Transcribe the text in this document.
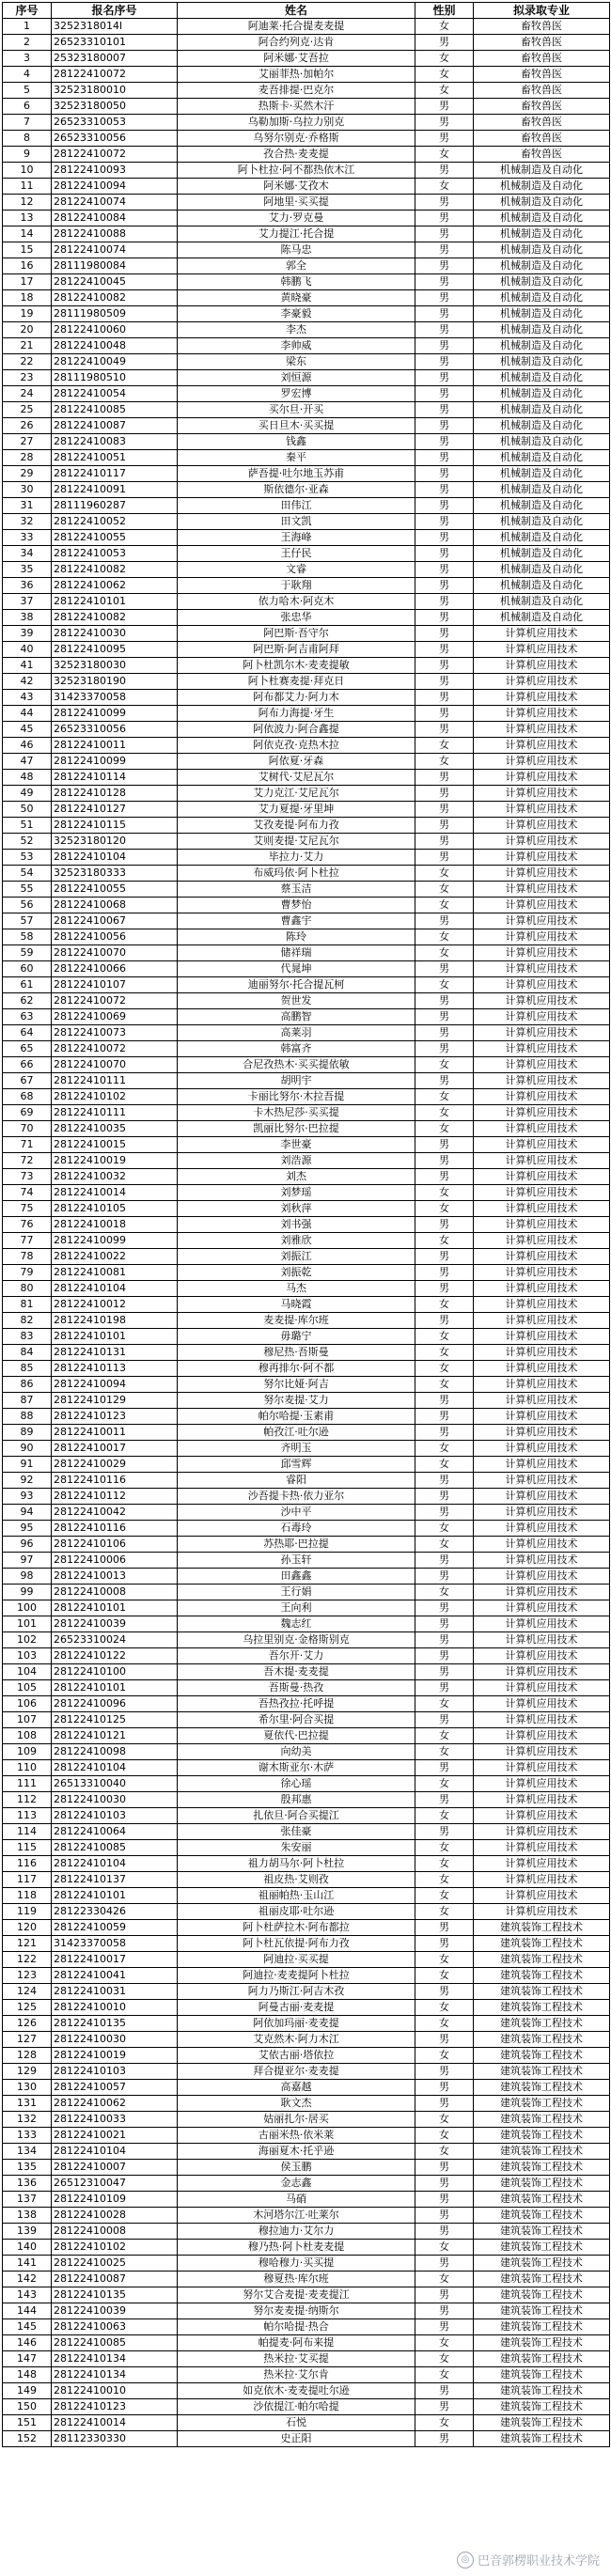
序号	报名序号	姓名	性别	拟录取专业
1	3252318014l	阿迪莱·托合提麦麦提	女	畜牧兽医
2	26523310101	阿合约列克·达肯	男	畜牧兽医
3	25323180007	阿米娜·艾吾拉	女	畜牧兽医
4	28122410072	艾丽菲热·加帕尔	女	畜牧兽医
5	32523180010	麦吾排提·巴克尔	女	畜牧兽医
6	32523180050	热斯卡·买然木汗	男	畜牧兽医
7	26523310053	乌勒加斯·乌拉力别克	男	畜牧兽医
8	26523310056	乌努尔别克·乔格斯	男	畜牧兽医
9	28122410072	孜合热·麦麦提	女	畜牧兽医
10	28122410093	阿卜杜拉·阿不都热依木江	男	机械制造及自动化
11	28122410094	阿米娜·艾孜木	女	机械制造及自动化
12	28122410074	阿地里·买买提	男	机械制造及自动化
13	28122410084	艾力·罗克曼	男	机械制造及自动化
14	28122410088	艾力提江·托合提	男	机械制造及自动化
15	28122410074	陈马忠	男	机械制造及自动化
16	28111980084	郭全	男	机械制造及自动化
17	28122410045	韩鹏飞	男	机械制造及自动化
18	28122410082	黄晓豪	男	机械制造及自动化
19	28111980509	李豪毅	男	机械制造及自动化
20	28122410060	李杰	男	机械制造及自动化
21	28122410048	李帅威	男	机械制造及自动化
22	28122410049	梁东	男	机械制造及自动化
23	28111980510	刘恒源	男	机械制造及自动化
24	28122410054	罗宏博	男	机械制造及自动化
25	28122410085	买尔旦·开买	男	机械制造及自动化
26	28122410087	买日旦木·买买提	男	机械制造及自动化
27	28122410083	钱鑫	男	机械制造及自动化
28	28122410051	秦平	男	机械制造及自动化
29	28122410117	萨吾提·吐尔地玉苏甫	男	机械制造及自动化
30	28122410091	斯依德尔·亚森	男	机械制造及自动化
31	28111960287	田伟江	男	机械制造及自动化
32	28122410052	田文凯	男	机械制造及自动化
33	28122410055	王海峰	男	机械制造及自动化
34	28122410053	王仔民	男	机械制造及自动化
35	28122410082	文睿	男	机械制造及自动化
36	28122410062	于耿翔	男	机械制造及自动化
37	28122410101	依力哈木·阿克木	男	机械制造及自动化
38	28122410082	张忠华	男	机械制造及自动化
39	28122410030	阿巴斯·吾守尔	男	计算机应用技术
40	28122410095	阿巴斯·阿吉甫阿拜	男	计算机应用技术
41	32523180030	阿卜杜凯尔木·麦麦提敏	男	计算机应用技术
42	32523180190	阿卜杜赛麦提·拜克日	男	计算机应用技术
43	31423370058	阿布都艾力·阿力木	男	计算机应用技术
44	28122410099	阿布力海提·牙生	男	计算机应用技术
45	26523310056	阿依波力·阿合鑫提	男	计算机应用技术
46	28122410011	阿依克孜·克热木拉	女	计算机应用技术
47	28122410099	阿依夏·牙森	女	计算机应用技术
48	28122410114	艾树代·艾尼瓦尔	男	计算机应用技术
49	28122410128	艾力克江·艾尼瓦尔	男	计算机应用技术
50	28122410127	艾力夏提·牙里坤	男	计算机应用技术
51	28122410115	艾孜麦提·阿布力孜	男	计算机应用技术
52	32523180120	艾则麦提·艾尼瓦尔	男	计算机应用技术
53	28122410104	毕拉力·艾力	男	计算机应用技术
54	32523180333	布威玛依·阿卜杜拉	女	计算机应用技术
55	28122410055	蔡玉洁	女	计算机应用技术
56	28122410068	曹梦怡	女	计算机应用技术
57	28122410067	曹鑫宇	男	计算机应用技术
58	28122410056	陈玲	女	计算机应用技术
59	28122410070	储祥瑞	女	计算机应用技术
60	28122410066	代晁坤	男	计算机应用技术
61	28122410107	迪丽努尔·托合提瓦柯	女	计算机应用技术
62	28122410072	贺世发	男	计算机应用技术
63	28122410069	高鹏智	男	计算机应用技术
64	28122410073	高莱羽	男	计算机应用技术
65	28122410072	韩富齐	男	计算机应用技术
66	28122410070	合尼孜热木·买买提依敏	女	计算机应用技术
67	28122410111	胡明宇	男	计算机应用技术
68	28122410102	卡丽比努尔·木拉吾提	女	计算机应用技术
69	28122410111	卡木热尼莎·买买提	女	计算机应用技术
70	28122410035	凯丽比努尔·巴拉提	女	计算机应用技术
71	28122410015	李世豪	男	计算机应用技术
72	28122410019	刘浩源	男	计算机应用技术
73	28122410032	刘杰	男	计算机应用技术
74	28122410014	刘梦瑶	女	计算机应用技术
75	28122410105	刘秋萍	女	计算机应用技术
76	28122410018	刘书强	男	计算机应用技术
77	28122410099	刘雅欣	女	计算机应用技术
78	28122410022	刘振江	男	计算机应用技术
79	28122410081	刘振乾	男	计算机应用技术
80	28122410104	马杰	男	计算机应用技术
81	28122410012	马晓霞	女	计算机应用技术
82	28122410198	麦麦提·库尔班	男	计算机应用技术
83	28122410101	毋璐宁	女	计算机应用技术
84	28122410131	穆尼热·吾斯曼	女	计算机应用技术
85	28122410113	穆再排尔·阿不都	女	计算机应用技术
86	28122410094	努尔比娅·阿吉	女	计算机应用技术
87	28122410129	努尔麦提·艾力	男	计算机应用技术
88	28122410123	帕尔哈提·玉素甫	男	计算机应用技术
89	28122410011	帕孜江·吐尔逊	男	计算机应用技术
90	28122410017	齐明玉	女	计算机应用技术
91	28122410029	邱雪辉	女	计算机应用技术
92	28122410116	睿阳	男	计算机应用技术
93	28122410112	沙吾提卡热·依力亚尔	男	计算机应用技术
94	28122410042	沙中平	男	计算机应用技术
95	28122410116	石毒玲	女	计算机应用技术
96	28122410106	苏热耶·巴拉提	女	计算机应用技术
97	28122410006	孙玉轩	男	计算机应用技术
98	28122410013	田鑫鑫	男	计算机应用技术
99	28122410008	王行娟	女	计算机应用技术
100	28122410101	王向利	男	计算机应用技术
101	28122410039	魏志红	男	计算机应用技术
102	26523310024	乌拉里别克·金格斯别克	男	计算机应用技术
103	28122410122	吾尔开·艾力	男	计算机应用技术
104	28122410100	吾木提·麦麦提	男	计算机应用技术
105	28122410101	吾斯曼·热孜	男	计算机应用技术
106	28122410096	吾热孜拉·托呼提	女	计算机应用技术
107	28122410125	希尔里·阿合买提	男	计算机应用技术
108	28122410121	夏依代·巴拉提	女	计算机应用技术
109	28122410098	向幼美	女	计算机应用技术
110	28122410104	谢木斯亚尔·木萨	男	计算机应用技术
111	26513310040	徐心瑶	女	计算机应用技术
112	28122410030	殷邦惠	男	计算机应用技术
113	28122410103	扎依旦·阿合买提江	女	计算机应用技术
114	28122410064	张佳豪	男	计算机应用技术
115	28122410085	朱安丽	女	计算机应用技术
116	28122410104	祖力胡马尔·阿卜杜拉	女	计算机应用技术
117	28122410137	祖皮热·艾则孜	女	计算机应用技术
118	28122410101	祖丽帕热·玉山江	女	计算机应用技术
119	28122330426	祖丽皮耶·吐尔逊	女	计算机应用技术
120	28122410059	阿卜杜萨拉木·阿布都拉	男	建筑装饰工程技术
121	31423370058	阿卜杜瓦依提·阿布力孜	男	建筑装饰工程技术
122	28122410017	阿迪拉·买买提	女	建筑装饰工程技术
123	28122410041	阿迪拉·麦麦提阿卜杜拉	女	建筑装饰工程技术
124	28122410031	阿力乃斯江·阿吉木孜	男	建筑装饰工程技术
125	28122410010	阿曼古丽·麦麦提	女	建筑装饰工程技术
126	28122410135	阿依加玛丽·麦麦提	女	建筑装饰工程技术
127	28122410030	艾克然木·阿力木江	男	建筑装饰工程技术
128	28122410019	艾依古丽·塔依拉	女	建筑装饰工程技术
129	28122410103	拜合提亚尔·麦麦提	男	建筑装饰工程技术
130	28122410057	高嘉越	男	建筑装饰工程技术
131	28122410062	耿文杰	男	建筑装饰工程技术
132	28122410033	姑丽扎尔·居买	女	建筑装饰工程技术
133	28122410021	古丽米热·依米莱	女	建筑装饰工程技术
134	28122410104	海丽夏木·托乎逊	女	建筑装饰工程技术
135	28122410007	侯玉鹏	男	建筑装饰工程技术
136	26512310047	金志鑫	男	建筑装饰工程技术
137	28122410109	马硝	男	建筑装饰工程技术
138	28122410028	木河塔尔江·吐莱尔	男	建筑装饰工程技术
139	28122410008	穆拉迪力·艾尔力	男	建筑装饰工程技术
140	28122410102	穆乃热·阿卜杜麦麦提	女	建筑装饰工程技术
141	28122410025	穆哈穆力·买买提	男	建筑装饰工程技术
142	28122410087	穆夏热·库尔班	女	建筑装饰工程技术
143	28122410135	努尔艾合麦提·麦麦提江	男	建筑装饰工程技术
144	28122410039	努尔麦麦提·纳斯尔	男	建筑装饰工程技术
145	28122410063	帕尔哈提·热合	男	建筑装饰工程技术
146	28122410085	帕提麦·阿布来提	女	建筑装饰工程技术
147	28122410134	热米拉·艾买提	女	建筑装饰工程技术
148	28122410134	热米拉·艾尔肯	女	建筑装饰工程技术
149	28122410010	如克依木·麦麦提吐尔逊	男	建筑装饰工程技术
150	28122410123	沙依提江·帕尔哈提	男	建筑装饰工程技术
151	28122410014	石悦	女	建筑装饰工程技术
152	28112330330	史正阳	男	建筑装饰工程技术
◎ 巴音郭楞职业技术学院
